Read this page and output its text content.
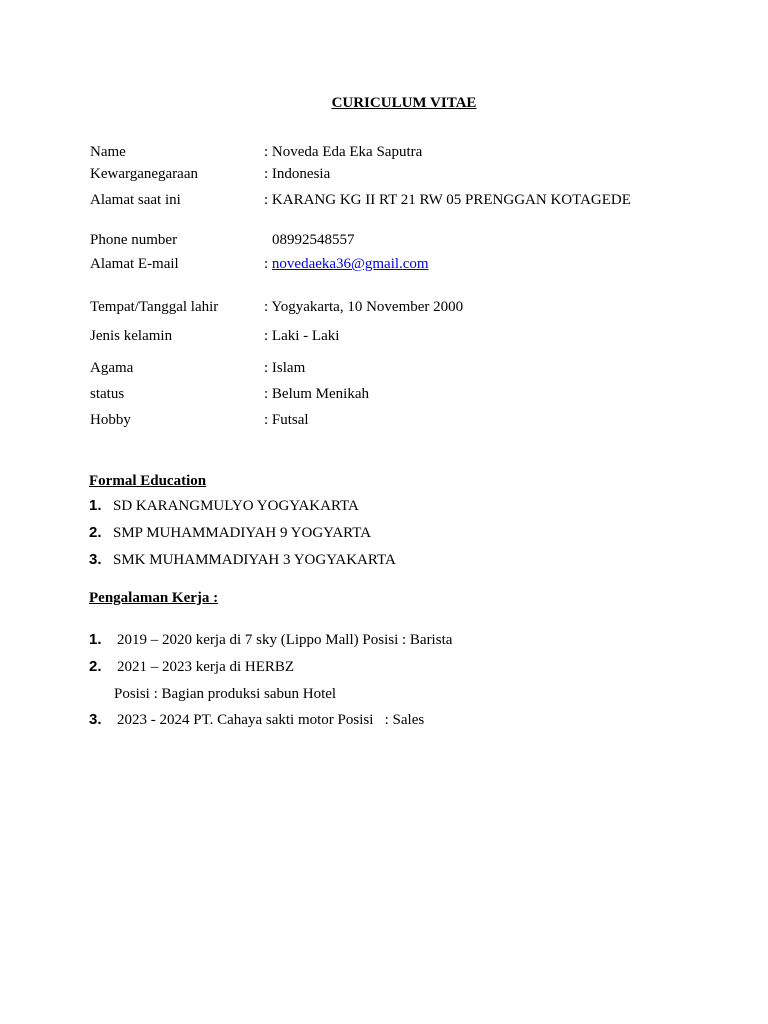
CURICULUM VITAE
Name	: Noveda Eda Eka Saputra
Kewarganegaraan	: Indonesia
Alamat saat ini	: KARANG KG II RT 21 RW 05 PRENGGAN KOTAGEDE
Phone number	08992548557
Alamat E-mail	: novedaeka36@gmail.com
Tempat/Tanggal lahir	: Yogyakarta, 10 November 2000
Jenis kelamin	: Laki - Laki
Agama	: Islam
status	: Belum Menikah
Hobby	: Futsal
Formal Education
1. SD KARANGMULYO YOGYAKARTA
2. SMP MUHAMMADIYAH 9 YOGYARTA
3. SMK MUHAMMADIYAH 3 YOGYAKARTA
Pengalaman Kerja :
1. 2019 – 2020 kerja di 7 sky (Lippo Mall) Posisi : Barista
2. 2021 – 2023 kerja di HERBZ
Posisi : Bagian produksi sabun Hotel
3. 2023 - 2024 PT. Cahaya sakti motor Posisi   : Sales
